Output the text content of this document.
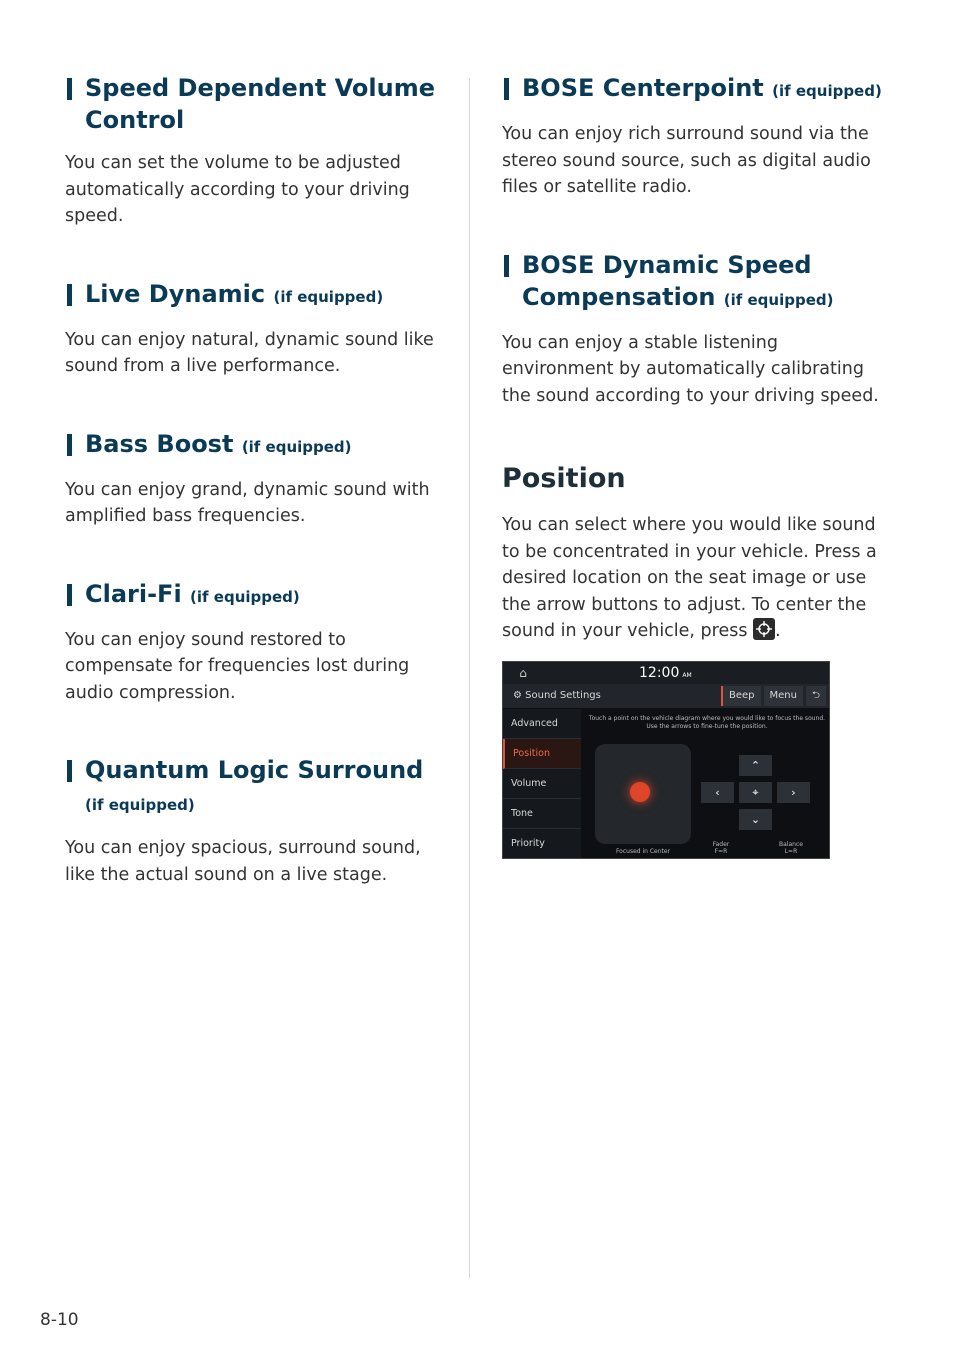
Speed Dependent Volume Control

You can set the volume to be adjusted automatically according to your driving speed.

Live Dynamic (if equipped)

You can enjoy natural, dynamic sound like sound from a live performance.

Bass Boost (if equipped)

You can enjoy grand, dynamic sound with amplified bass frequencies.

Clari-Fi (if equipped)

You can enjoy sound restored to compensate for frequencies lost during audio compression.

Quantum Logic Surround (if equipped)

You can enjoy spacious, surround sound, like the actual sound on a live stage.

BOSE Centerpoint (if equipped)

You can enjoy rich surround sound via the stereo sound source, such as digital audio files or satellite radio.

BOSE Dynamic Speed Compensation (if equipped)

You can enjoy a stable listening environment by automatically calibrating the sound according to your driving speed.

Position

You can select where you would like sound to be concentrated in your vehicle. Press a desired location on the seat image or use the arrow buttons to adjust. To center the sound in your vehicle, press .

⌂	12:00 AM
⚙ Sound Settings	Beep	Menu	⮌
Advanced
Position
Volume
Tone
Priority
Touch a point on the vehicle diagram where you would like to focus the sound. Use the arrows to fine-tune the position.
⌃
‹	⌖	›
⌄
Focused in Center
Fader
F=R
Balance
L=R
8-10
